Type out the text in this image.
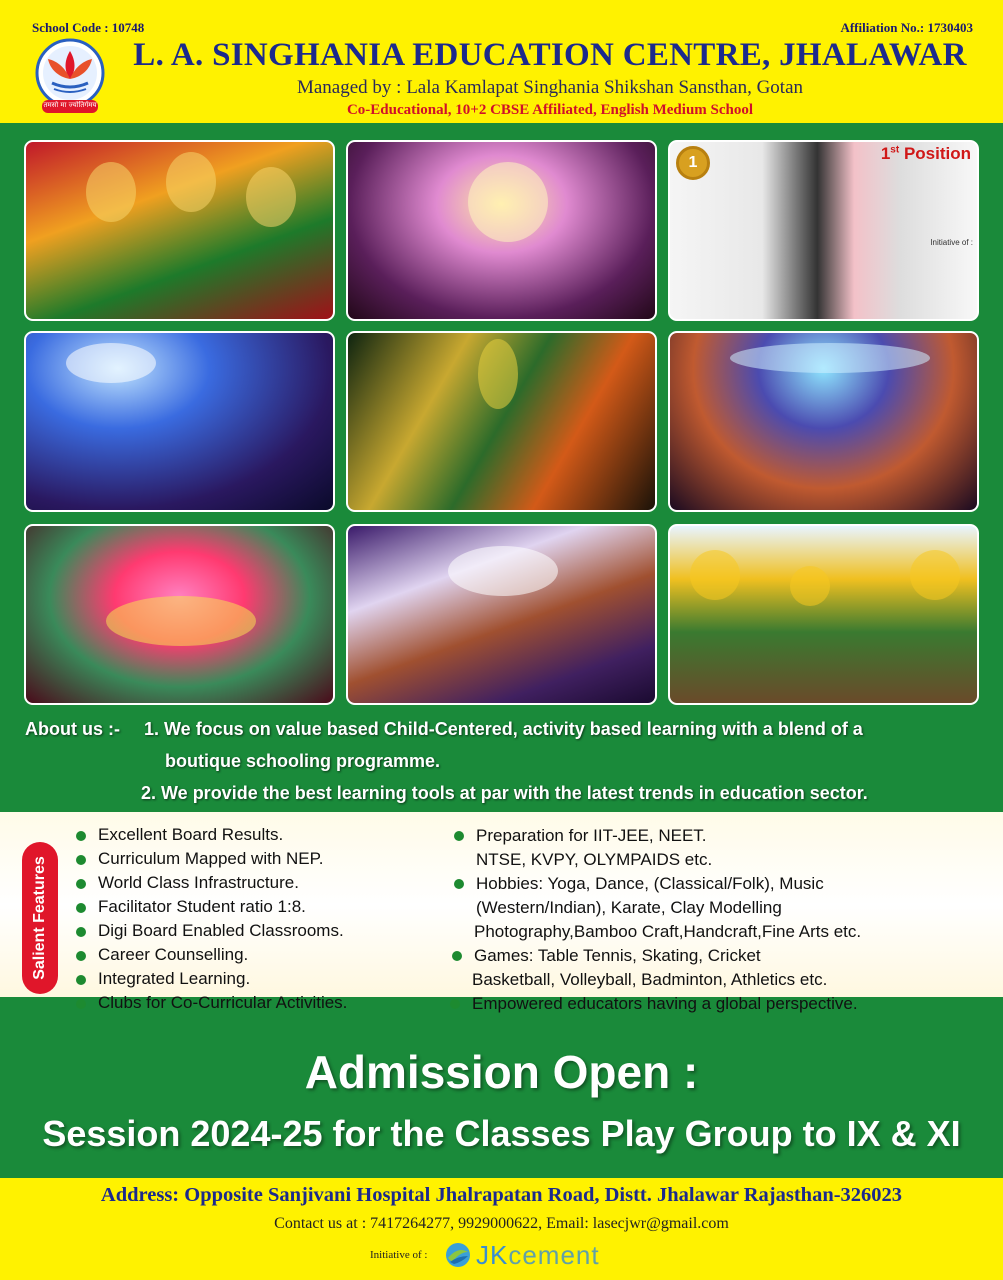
School Code : 10748	Affiliation No.: 1730403
तमसो मा ज्योतिर्गमय
L. A. SINGHANIA EDUCATION CENTRE, JHALAWAR
Managed by : Lala Kamlapat Singhania Shikshan Sansthan, Gotan
Co-Educational, 10+2 CBSE Affiliated, English Medium School
1	1st Position
Initiative of :
About us :- 1. We focus on value based Child-Centered, activity based learning with a blend of a
boutique schooling programme.
2. We provide the best learning tools at par with the latest trends in education sector.
Salient Features
Excellent Board Results.
Curriculum Mapped with NEP.
World Class Infrastructure.
Facilitator Student ratio 1:8.
Digi Board Enabled Classrooms.
Career Counselling.
Integrated Learning.
Clubs for Co-Curricular Activities.
Preparation for IIT-JEE, NEET.
NTSE, KVPY, OLYMPAIDS etc.
Hobbies: Yoga, Dance, (Classical/Folk), Music
(Western/Indian), Karate, Clay Modelling
Photography,Bamboo Craft,Handcraft,Fine Arts etc.
Games: Table Tennis, Skating, Cricket
Basketball, Volleyball, Badminton, Athletics etc.
Empowered educators having a global perspective.
Admission Open :
Session 2024-25 for the Classes Play Group to IX & XI
Address: Opposite Sanjivani Hospital Jhalrapatan Road, Distt. Jhalawar Rajasthan-326023
Contact us at : 7417264277, 9929000622, Email: lasecjwr@gmail.com
Initiative of : JKcement
